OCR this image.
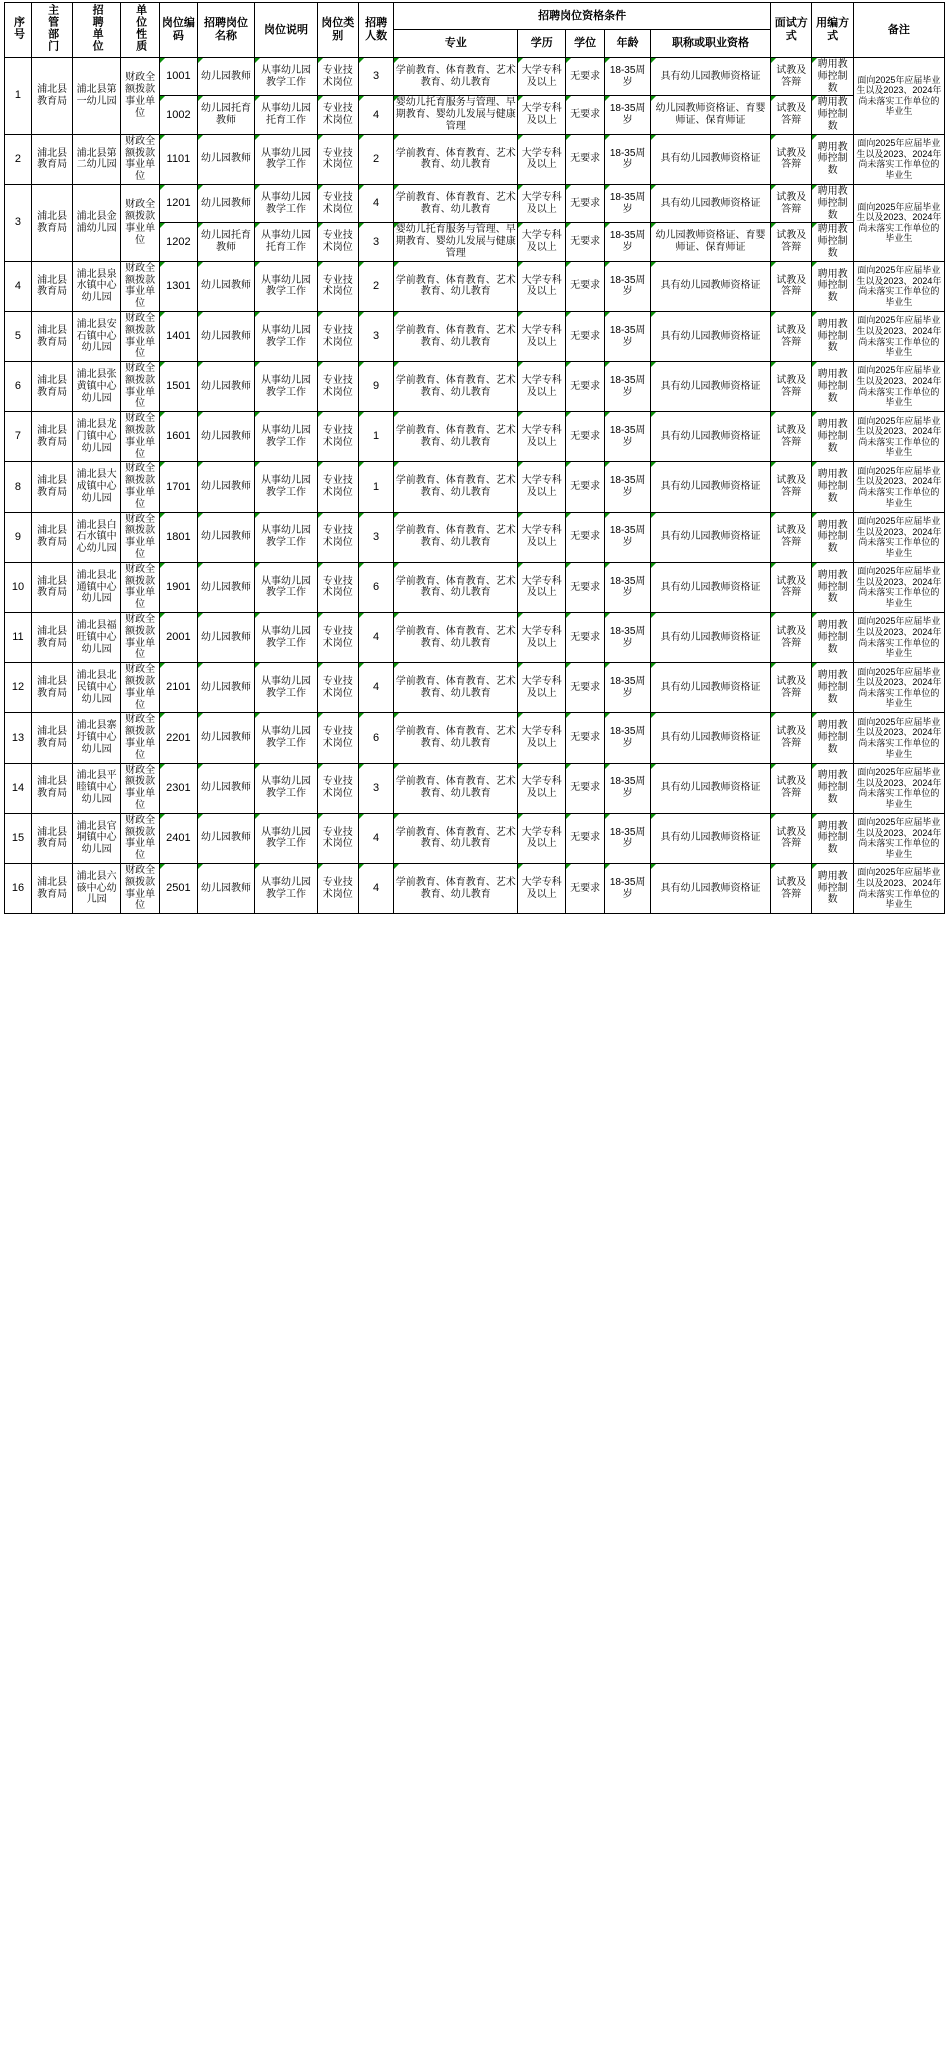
序号	主管部门	招聘单位	单位性质	岗位编码	招聘岗位名称	岗位说明	岗位类别	招聘人数	招聘岗位资格条件					面试方式	用编方式	备注
									专业	学历	学位	年龄	职称或职业资格			
1	浦北县教育局	浦北县第一幼儿园	财政全额拨款事业单位	1001	幼儿园教师	从事幼儿园教学工作	专业技术岗位	3	学前教育、体育教育、艺术教育、幼儿教育	大学专科及以上	无要求	18-35周岁	具有幼儿园教师资格证	试教及答辩	聘用教师控制数	面向2025年应届毕业生以及2023、2024年尚未落实工作单位的毕业生
				1002	幼儿园托育教师	从事幼儿园托育工作	专业技术岗位	4	婴幼儿托育服务与管理、早期教育、婴幼儿发展与健康管理	大学专科及以上	无要求	18-35周岁	幼儿园教师资格证、育婴师证、保育师证	试教及答辩	聘用教师控制数	
2	浦北县教育局	浦北县第二幼儿园	财政全额拨款事业单位	1101	幼儿园教师	从事幼儿园教学工作	专业技术岗位	2	学前教育、体育教育、艺术教育、幼儿教育	大学专科及以上	无要求	18-35周岁	具有幼儿园教师资格证	试教及答辩	聘用教师控制数	面向2025年应届毕业生以及2023、2024年尚未落实工作单位的毕业生
3	浦北县教育局	浦北县金浦幼儿园	财政全额拨款事业单位	1201	幼儿园教师	从事幼儿园教学工作	专业技术岗位	4	学前教育、体育教育、艺术教育、幼儿教育	大学专科及以上	无要求	18-35周岁	具有幼儿园教师资格证	试教及答辩	聘用教师控制数	面向2025年应届毕业生以及2023、2024年尚未落实工作单位的毕业生
				1202	幼儿园托育教师	从事幼儿园托育工作	专业技术岗位	3	婴幼儿托育服务与管理、早期教育、婴幼儿发展与健康管理	大学专科及以上	无要求	18-35周岁	幼儿园教师资格证、育婴师证、保育师证	试教及答辩	聘用教师控制数	
4	浦北县教育局	浦北县泉水镇中心幼儿园	财政全额拨款事业单位	1301	幼儿园教师	从事幼儿园教学工作	专业技术岗位	2	学前教育、体育教育、艺术教育、幼儿教育	大学专科及以上	无要求	18-35周岁	具有幼儿园教师资格证	试教及答辩	聘用教师控制数	面向2025年应届毕业生以及2023、2024年尚未落实工作单位的毕业生
5	浦北县教育局	浦北县安石镇中心幼儿园	财政全额拨款事业单位	1401	幼儿园教师	从事幼儿园教学工作	专业技术岗位	3	学前教育、体育教育、艺术教育、幼儿教育	大学专科及以上	无要求	18-35周岁	具有幼儿园教师资格证	试教及答辩	聘用教师控制数	面向2025年应届毕业生以及2023、2024年尚未落实工作单位的毕业生
6	浦北县教育局	浦北县张黄镇中心幼儿园	财政全额拨款事业单位	1501	幼儿园教师	从事幼儿园教学工作	专业技术岗位	9	学前教育、体育教育、艺术教育、幼儿教育	大学专科及以上	无要求	18-35周岁	具有幼儿园教师资格证	试教及答辩	聘用教师控制数	面向2025年应届毕业生以及2023、2024年尚未落实工作单位的毕业生
7	浦北县教育局	浦北县龙门镇中心幼儿园	财政全额拨款事业单位	1601	幼儿园教师	从事幼儿园教学工作	专业技术岗位	1	学前教育、体育教育、艺术教育、幼儿教育	大学专科及以上	无要求	18-35周岁	具有幼儿园教师资格证	试教及答辩	聘用教师控制数	面向2025年应届毕业生以及2023、2024年尚未落实工作单位的毕业生
8	浦北县教育局	浦北县大成镇中心幼儿园	财政全额拨款事业单位	1701	幼儿园教师	从事幼儿园教学工作	专业技术岗位	1	学前教育、体育教育、艺术教育、幼儿教育	大学专科及以上	无要求	18-35周岁	具有幼儿园教师资格证	试教及答辩	聘用教师控制数	面向2025年应届毕业生以及2023、2024年尚未落实工作单位的毕业生
9	浦北县教育局	浦北县白石水镇中心幼儿园	财政全额拨款事业单位	1801	幼儿园教师	从事幼儿园教学工作	专业技术岗位	3	学前教育、体育教育、艺术教育、幼儿教育	大学专科及以上	无要求	18-35周岁	具有幼儿园教师资格证	试教及答辩	聘用教师控制数	面向2025年应届毕业生以及2023、2024年尚未落实工作单位的毕业生
10	浦北县教育局	浦北县北通镇中心幼儿园	财政全额拨款事业单位	1901	幼儿园教师	从事幼儿园教学工作	专业技术岗位	6	学前教育、体育教育、艺术教育、幼儿教育	大学专科及以上	无要求	18-35周岁	具有幼儿园教师资格证	试教及答辩	聘用教师控制数	面向2025年应届毕业生以及2023、2024年尚未落实工作单位的毕业生
11	浦北县教育局	浦北县福旺镇中心幼儿园	财政全额拨款事业单位	2001	幼儿园教师	从事幼儿园教学工作	专业技术岗位	4	学前教育、体育教育、艺术教育、幼儿教育	大学专科及以上	无要求	18-35周岁	具有幼儿园教师资格证	试教及答辩	聘用教师控制数	面向2025年应届毕业生以及2023、2024年尚未落实工作单位的毕业生
12	浦北县教育局	浦北县北民镇中心幼儿园	财政全额拨款事业单位	2101	幼儿园教师	从事幼儿园教学工作	专业技术岗位	4	学前教育、体育教育、艺术教育、幼儿教育	大学专科及以上	无要求	18-35周岁	具有幼儿园教师资格证	试教及答辩	聘用教师控制数	面向2025年应届毕业生以及2023、2024年尚未落实工作单位的毕业生
13	浦北县教育局	浦北县寨圩镇中心幼儿园	财政全额拨款事业单位	2201	幼儿园教师	从事幼儿园教学工作	专业技术岗位	6	学前教育、体育教育、艺术教育、幼儿教育	大学专科及以上	无要求	18-35周岁	具有幼儿园教师资格证	试教及答辩	聘用教师控制数	面向2025年应届毕业生以及2023、2024年尚未落实工作单位的毕业生
14	浦北县教育局	浦北县平睦镇中心幼儿园	财政全额拨款事业单位	2301	幼儿园教师	从事幼儿园教学工作	专业技术岗位	3	学前教育、体育教育、艺术教育、幼儿教育	大学专科及以上	无要求	18-35周岁	具有幼儿园教师资格证	试教及答辩	聘用教师控制数	面向2025年应届毕业生以及2023、2024年尚未落实工作单位的毕业生
15	浦北县教育局	浦北县官垌镇中心幼儿园	财政全额拨款事业单位	2401	幼儿园教师	从事幼儿园教学工作	专业技术岗位	4	学前教育、体育教育、艺术教育、幼儿教育	大学专科及以上	无要求	18-35周岁	具有幼儿园教师资格证	试教及答辩	聘用教师控制数	面向2025年应届毕业生以及2023、2024年尚未落实工作单位的毕业生
16	浦北县教育局	浦北县六硋中心幼儿园	财政全额拨款事业单位	2501	幼儿园教师	从事幼儿园教学工作	专业技术岗位	4	学前教育、体育教育、艺术教育、幼儿教育	大学专科及以上	无要求	18-35周岁	具有幼儿园教师资格证	试教及答辩	聘用教师控制数	面向2025年应届毕业生以及2023、2024年尚未落实工作单位的毕业生
